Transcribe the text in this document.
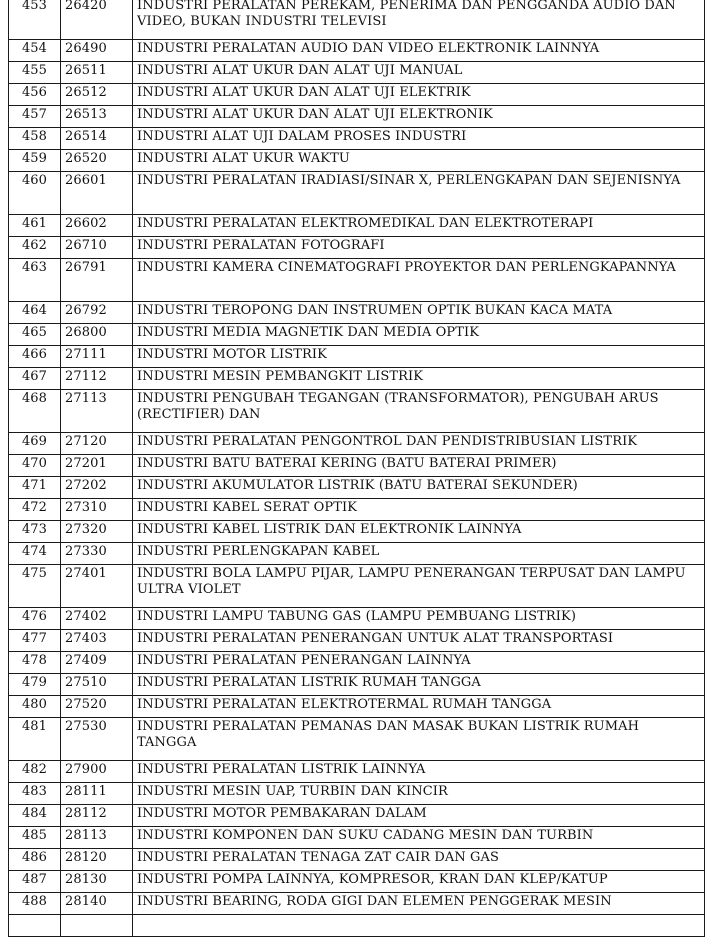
453	26420	INDUSTRI PERALATAN PEREKAM, PENERIMA DAN PENGGANDA AUDIO DAN VIDEO, BUKAN INDUSTRI TELEVISI
454	26490	INDUSTRI PERALATAN AUDIO DAN VIDEO ELEKTRONIK LAINNYA
455	26511	INDUSTRI ALAT UKUR DAN ALAT UJI MANUAL
456	26512	INDUSTRI ALAT UKUR DAN ALAT UJI ELEKTRIK
457	26513	INDUSTRI ALAT UKUR DAN ALAT UJI ELEKTRONIK
458	26514	INDUSTRI ALAT UJI DALAM PROSES INDUSTRI
459	26520	INDUSTRI ALAT UKUR WAKTU
460	26601	INDUSTRI PERALATAN IRADIASI/SINAR X, PERLENGKAPAN DAN SEJENISNYA
461	26602	INDUSTRI PERALATAN ELEKTROMEDIKAL DAN ELEKTROTERAPI
462	26710	INDUSTRI PERALATAN FOTOGRAFI
463	26791	INDUSTRI KAMERA CINEMATOGRAFI PROYEKTOR DAN PERLENGKAPANNYA
464	26792	INDUSTRI TEROPONG DAN INSTRUMEN OPTIK BUKAN KACA MATA
465	26800	INDUSTRI MEDIA MAGNETIK DAN MEDIA OPTIK
466	27111	INDUSTRI MOTOR LISTRIK
467	27112	INDUSTRI MESIN PEMBANGKIT LISTRIK
468	27113	INDUSTRI PENGUBAH TEGANGAN (TRANSFORMATOR), PENGUBAH ARUS (RECTIFIER) DAN
469	27120	INDUSTRI PERALATAN PENGONTROL DAN PENDISTRIBUSIAN LISTRIK
470	27201	INDUSTRI BATU BATERAI KERING (BATU BATERAI PRIMER)
471	27202	INDUSTRI AKUMULATOR LISTRIK (BATU BATERAI SEKUNDER)
472	27310	INDUSTRI KABEL SERAT OPTIK
473	27320	INDUSTRI KABEL LISTRIK DAN ELEKTRONIK LAINNYA
474	27330	INDUSTRI PERLENGKAPAN KABEL
475	27401	INDUSTRI BOLA LAMPU PIJAR, LAMPU PENERANGAN TERPUSAT DAN LAMPU ULTRA VIOLET
476	27402	INDUSTRI LAMPU TABUNG GAS (LAMPU PEMBUANG LISTRIK)
477	27403	INDUSTRI PERALATAN PENERANGAN UNTUK ALAT TRANSPORTASI
478	27409	INDUSTRI PERALATAN PENERANGAN LAINNYA
479	27510	INDUSTRI PERALATAN LISTRIK RUMAH TANGGA
480	27520	INDUSTRI PERALATAN ELEKTROTERMAL RUMAH TANGGA
481	27530	INDUSTRI PERALATAN PEMANAS DAN MASAK BUKAN LISTRIK RUMAH TANGGA
482	27900	INDUSTRI PERALATAN LISTRIK LAINNYA
483	28111	INDUSTRI MESIN UAP, TURBIN DAN KINCIR
484	28112	INDUSTRI MOTOR PEMBAKARAN DALAM
485	28113	INDUSTRI KOMPONEN DAN SUKU CADANG MESIN DAN TURBIN
486	28120	INDUSTRI PERALATAN TENAGA ZAT CAIR DAN GAS
487	28130	INDUSTRI POMPA LAINNYA, KOMPRESOR, KRAN DAN KLEP/KATUP
488	28140	INDUSTRI BEARING, RODA GIGI DAN ELEMEN PENGGERAK MESIN
